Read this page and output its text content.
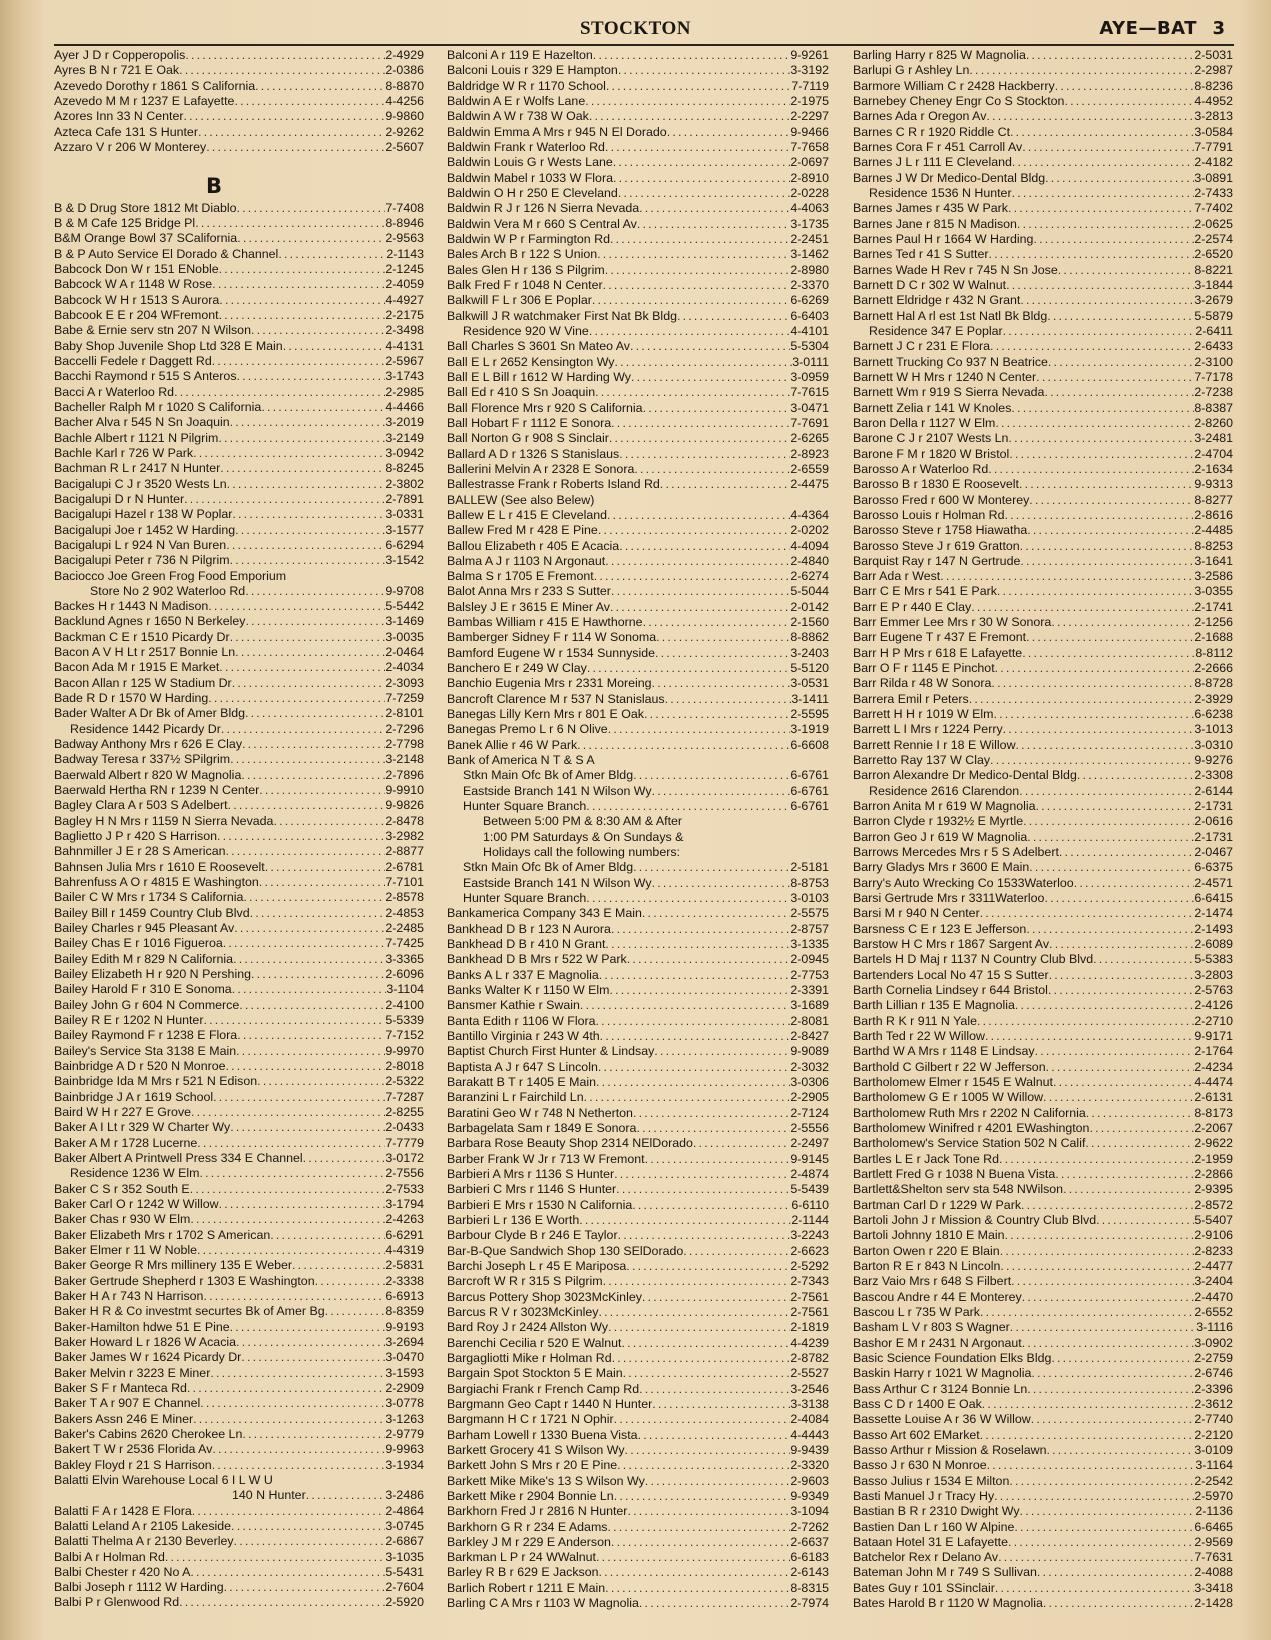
STOCKTON	AYE—BAT 3
Ayer J D r Copperopolis .....	2-4929
Ayres B N r 721 E Oak .....	2-0386
Azevedo Dorothy r 1861 S California .....	8-8870
Azevedo M M r 1237 E Lafayette .....	4-4256
Azores Inn 33 N Center .....	9-9860
Azteca Cafe 131 S Hunter .....	2-9262
Azzaro V r 206 W Monterey .....	2-5607
B
B & D Drug Store 1812 Mt Diablo .....	7-7408
B & M Cafe 125 Bridge Pl .....	8-8946
B&M Orange Bowl 37 SCalifornia .....	2-9563
B & P Auto Service El Dorado & Channel .....	2-1143
Babcock Don W r 151 ENoble .....	2-1245
Babcock W A r 1148 W Rose .....	2-4059
Babcock W H r 1513 S Aurora .....	4-4927
Babcook E E r 204 WFremont .....	2-2175
Babe & Ernie serv stn 207 N Wilson .....	2-3498
Baby Shop Juvenile Shop Ltd 328 E Main .....	4-4131
Baccelli Fedele r Daggett Rd .....	2-5967
Bacchi Raymond r 515 S Anteros .....	3-1743
Bacci A r Waterloo Rd .....	2-2985
Bacheller Ralph M r 1020 S California .....	4-4466
Bacher Alva r 545 N Sn Joaquin .....	3-2019
Bachle Albert r 1121 N Pilgrim .....	3-2149
Bachle Karl r 726 W Park .....	3-0942
Bachman R L r 2417 N Hunter .....	8-8245
Bacigalupi C J r 3520 Wests Ln .....	2-3802
Bacigalupi D r N Hunter .....	2-7891
Bacigalupi Hazel r 138 W Poplar .....	3-0331
Bacigalupi Joe r 1452 W Harding .....	3-1577
Bacigalupi L r 924 N Van Buren .....	6-6294
Bacigalupi Peter r 736 N Pilgrim .....	3-1542
Baciocco Joe Green Frog Food Emporium
Store No 2 902 Waterloo Rd .....	9-9708
Backes H r 1443 N Madison .....	5-5442
Backlund Agnes r 1650 N Berkeley .....	3-1469
Backman C E r 1510 Picardy Dr .....	3-0035
Bacon A V H Lt r 2517 Bonnie Ln .....	2-0464
Bacon Ada M r 1915 E Market .....	2-4034
Bacon Allan r 125 W Stadium Dr .....	2-3093
Bade R D r 1570 W Harding .....	7-7259
Bader Walter A Dr Bk of Amer Bldg .....	2-8101
Residence 1442 Picardy Dr .....	2-7296
Badway Anthony Mrs r 626 E Clay .....	2-7798
Badway Teresa r 337½ SPilgrim .....	3-2148
Baerwald Albert r 820 W Magnolia .....	2-7896
Baerwald Hertha RN r 1239 N Center .....	9-9910
Bagley Clara A r 503 S Adelbert .....	9-9826
Bagley H N Mrs r 1159 N Sierra Nevada .....	2-8478
Baglietto J P r 420 S Harrison .....	3-2982
Bahnmiller J E r 28 S American .....	2-8877
Bahnsen Julia Mrs r 1610 E Roosevelt .....	2-6781
Bahrenfuss A O r 4815 E Washington .....	7-7101
Bailer C W Mrs r 1734 S California .....	2-8578
Bailey Bill r 1459 Country Club Blvd .....	2-4853
Bailey Charles r 945 Pleasant Av .....	2-2485
Bailey Chas E r 1016 Figueroa .....	7-7425
Bailey Edith M r 829 N California .....	3-3365
Bailey Elizabeth H r 920 N Pershing .....	2-6096
Bailey Harold F r 310 E Sonoma .....	3-1104
Bailey John G r 604 N Commerce .....	2-4100
Bailey R E r 1202 N Hunter .....	5-5339
Bailey Raymond F r 1238 E Flora .....	7-7152
Bailey's Service Sta 3138 E Main .....	9-9970
Bainbridge A D r 520 N Monroe .....	2-8018
Bainbridge Ida M Mrs r 521 N Edison .....	2-5322
Bainbridge J A r 1619 School .....	7-7287
Baird W H r 227 E Grove .....	2-8255
Baker A I Lt r 329 W Charter Wy .....	2-0433
Baker A M r 1728 Lucerne .....	7-7779
Baker Albert A Printwell Press 334 E Channel .....	3-0172
Residence 1236 W Elm .....	2-7556
Baker C S r 352 South E .....	2-7533
Baker Carl O r 1242 W Willow .....	3-1794
Baker Chas r 930 W Elm .....	2-4263
Baker Elizabeth Mrs r 1702 S American .....	6-6291
Baker Elmer r 11 W Noble .....	4-4319
Baker George R Mrs millinery 135 E Weber .....	2-5831
Baker Gertrude Shepherd r 1303 E Washington .....	2-3338
Baker H A r 743 N Harrison .....	6-6913
Baker H R & Co investmt securtes Bk of Amer Bg .....	8-8359
Baker-Hamilton hdwe 51 E Pine .....	9-9193
Baker Howard L r 1826 W Acacia .....	3-2694
Baker James W r 1624 Picardy Dr .....	3-0470
Baker Melvin r 3223 E Miner .....	3-1593
Baker S F r Manteca Rd .....	2-2909
Baker T A r 907 E Channel .....	3-0778
Bakers Assn 246 E Miner .....	3-1263
Baker's Cabins 2620 Cherokee Ln .....	2-9779
Bakert T W r 2536 Florida Av .....	9-9963
Bakley Floyd r 21 S Harrison .....	3-1934
Balatti Elvin Warehouse Local 6 I L W U
140 N Hunter .....	3-2486
Balatti F A r 1428 E Flora .....	2-4864
Balatti Leland A r 2105 Lakeside .....	3-0745
Balatti Thelma A r 2130 Beverley .....	2-6867
Balbi A r Holman Rd .....	3-1035
Balbi Chester r 420 No A .....	5-5431
Balbi Joseph r 1112 W Harding .....	2-7604
Balbi P r Glenwood Rd .....	2-5920
Balconi A r 119 E Hazelton .....	9-9261
Balconi Louis r 329 E Hampton .....	3-3192
Baldridge W R r 1170 School .....	7-7119
Baldwin A E r Wolfs Lane .....	2-1975
Baldwin A W r 738 W Oak .....	2-2297
Baldwin Emma A Mrs r 945 N El Dorado .....	9-9466
Baldwin Frank r Waterloo Rd .....	7-7658
Baldwin Louis G r Wests Lane .....	2-0697
Baldwin Mabel r 1033 W Flora .....	2-8910
Baldwin O H r 250 E Cleveland .....	2-0228
Baldwin R J r 126 N Sierra Nevada .....	4-4063
Baldwin Vera M r 660 S Central Av .....	3-1735
Baldwin W P r Farmington Rd .....	2-2451
Bales Arch B r 122 S Union .....	3-1462
Bales Glen H r 136 S Pilgrim .....	2-8980
Balk Fred F r 1048 N Center .....	2-3370
Balkwill F L r 306 E Poplar .....	6-6269
Balkwill J R watchmaker First Nat Bk Bldg .....	6-6403
Residence 920 W Vine .....	4-4101
Ball Charles S 3601 Sn Mateo Av .....	5-5304
Ball E L r 2652 Kensington Wy .....	3-0111
Ball E L Bill r 1612 W Harding Wy .....	3-0959
Ball Ed r 410 S Sn Joaquin .....	7-7615
Ball Florence Mrs r 920 S California .....	3-0471
Ball Hobart F r 1112 E Sonora .....	7-7691
Ball Norton G r 908 S Sinclair .....	2-6265
Ballard A D r 1326 S Stanislaus .....	2-8923
Ballerini Melvin A r 2328 E Sonora .....	2-6559
Ballestrasse Frank r Roberts Island Rd .....	2-4475
BALLEW (See also Belew)
Ballew E L r 415 E Cleveland .....	4-4364
Ballew Fred M r 428 E Pine .....	2-0202
Ballou Elizabeth r 405 E Acacia .....	4-4094
Balma A J r 1103 N Argonaut .....	2-4840
Balma S r 1705 E Fremont .....	2-6274
Balot Anna Mrs r 233 S Sutter .....	5-5044
Balsley J E r 3615 E Miner Av .....	2-0142
Bambas William r 415 E Hawthorne .....	2-1560
Bamberger Sidney F r 114 W Sonoma .....	8-8862
Bamford Eugene W r 1534 Sunnyside .....	3-2403
Banchero E r 249 W Clay .....	5-5120
Banchio Eugenia Mrs r 2331 Moreing .....	3-0531
Bancroft Clarence M r 537 N Stanislaus .....	3-1411
Banegas Lilly Kern Mrs r 801 E Oak .....	2-5595
Banegas Premo L r 6 N Olive .....	3-1919
Banek Allie r 46 W Park .....	6-6608
Bank of America N T & S A
Stkn Main Ofc Bk of Amer Bldg .....	6-6761
Eastside Branch 141 N Wilson Wy .....	6-6761
Hunter Square Branch .....	6-6761
Between 5:00 PM & 8:30 AM & After
1:00 PM Saturdays & On Sundays &
Holidays call the following numbers:
Stkn Main Ofc Bk of Amer Bldg .....	2-5181
Eastside Branch 141 N Wilson Wy .....	8-8753
Hunter Square Branch .....	3-0103
Bankamerica Company 343 E Main .....	2-5575
Bankhead D B r 123 N Aurora .....	2-8757
Bankhead D B r 410 N Grant .....	3-1335
Bankhead D B Mrs r 522 W Park .....	2-0945
Banks A L r 337 E Magnolia .....	2-7753
Banks Walter K r 1150 W Elm .....	2-3391
Bansmer Kathie r Swain .....	3-1689
Banta Edith r 1106 W Flora .....	2-8081
Bantillo Virginia r 243 W 4th .....	2-8427
Baptist Church First Hunter & Lindsay .....	9-9089
Baptista A J r 647 S Lincoln .....	2-3032
Barakatt B T r 1405 E Main .....	3-0306
Baranzini L r Fairchild Ln .....	2-2905
Baratini Geo W r 748 N Netherton .....	2-7124
Barbagelata Sam r 1849 E Sonora .....	2-5556
Barbara Rose Beauty Shop 2314 NElDorado .....	2-2497
Barber Frank W Jr r 713 W Fremont .....	9-9145
Barbieri A Mrs r 1136 S Hunter .....	2-4874
Barbieri C Mrs r 1146 S Hunter .....	5-5439
Barbieri E Mrs r 1530 N California .....	6-6110
Barbieri L r 136 E Worth .....	2-1144
Barbour Clyde B r 246 E Taylor .....	3-2243
Bar-B-Que Sandwich Shop 130 SElDorado .....	2-6623
Barchi Joseph L r 45 E Mariposa .....	2-5292
Barcroft W R r 315 S Pilgrim .....	2-7343
Barcus Pottery Shop 3023McKinley .....	2-7561
Barcus R V r 3023McKinley .....	2-7561
Bard Roy J r 2424 Allston Wy .....	2-1819
Barenchi Cecilia r 520 E Walnut .....	4-4239
Bargagliotti Mike r Holman Rd .....	2-8782
Bargain Spot Stockton 5 E Main .....	2-5527
Bargiachi Frank r French Camp Rd .....	3-2546
Bargmann Geo Capt r 1440 N Hunter .....	3-3138
Bargmann H C r 1721 N Ophir .....	2-4084
Barham Lowell r 1330 Buena Vista .....	4-4443
Barkett Grocery 41 S Wilson Wy .....	9-9439
Barkett John S Mrs r 20 E Pine .....	2-3320
Barkett Mike Mike's 13 S Wilson Wy .....	2-9603
Barkett Mike r 2904 Bonnie Ln .....	9-9349
Barkhorn Fred J r 2816 N Hunter .....	3-1094
Barkhorn G R r 234 E Adams .....	2-7262
Barkley J M r 229 E Anderson .....	2-6637
Barkman L P r 24 WWalnut .....	6-6183
Barley R B r 629 E Jackson .....	2-6143
Barlich Robert r 1211 E Main .....	8-8315
Barling C A Mrs r 1103 W Magnolia .....	2-7974
Barling Harry r 825 W Magnolia .....	2-5031
Barlupi G r Ashley Ln .....	2-2987
Barmore William C r 2428 Hackberry .....	8-8236
Barnebey Cheney Engr Co S Stockton .....	4-4952
Barnes Ada r Oregon Av .....	3-2813
Barnes C R r 1920 Riddle Ct .....	3-0584
Barnes Cora F r 451 Carroll Av .....	7-7791
Barnes J L r 111 E Cleveland .....	2-4182
Barnes J W Dr Medico-Dental Bldg .....	3-0891
Residence 1536 N Hunter .....	2-7433
Barnes James r 435 W Park .....	7-7402
Barnes Jane r 815 N Madison .....	2-0625
Barnes Paul H r 1664 W Harding .....	2-2574
Barnes Ted r 41 S Sutter .....	2-6520
Barnes Wade H Rev r 745 N Sn Jose .....	8-8221
Barnett D C r 302 W Walnut .....	3-1844
Barnett Eldridge r 432 N Grant .....	3-2679
Barnett Hal A rl est 1st Natl Bk Bldg .....	5-5879
Residence 347 E Poplar .....	2-6411
Barnett J C r 231 E Flora .....	2-6433
Barnett Trucking Co 937 N Beatrice .....	2-3100
Barnett W H Mrs r 1240 N Center .....	7-7178
Barnett Wm r 919 S Sierra Nevada .....	2-7238
Barnett Zelia r 141 W Knoles .....	8-8387
Baron Della r 1127 W Elm .....	2-8260
Barone C J r 2107 Wests Ln .....	3-2481
Barone F M r 1820 W Bristol .....	2-4704
Barosso A r Waterloo Rd .....	2-1634
Barosso B r 1830 E Roosevelt .....	9-9313
Barosso Fred r 600 W Monterey .....	8-8277
Barosso Louis r Holman Rd .....	2-8616
Barosso Steve r 1758 Hiawatha .....	2-4485
Barosso Steve J r 619 Gratton .....	8-8253
Barquist Ray r 147 N Gertrude .....	3-1641
Barr Ada r West .....	3-2586
Barr C E Mrs r 541 E Park .....	3-0355
Barr E P r 440 E Clay .....	2-1741
Barr Emmer Lee Mrs r 30 W Sonora .....	2-1256
Barr Eugene T r 437 E Fremont .....	2-1688
Barr H P Mrs r 618 E Lafayette .....	8-8112
Barr O F r 1145 E Pinchot .....	2-2666
Barr Rilda r 48 W Sonora .....	8-8728
Barrera Emil r Peters .....	2-3929
Barrett H H r 1019 W Elm .....	6-6238
Barrett L I Mrs r 1224 Perry .....	3-1013
Barrett Rennie I r 18 E Willow .....	3-0310
Barretto Ray 137 W Clay .....	9-9276
Barron Alexandre Dr Medico-Dental Bldg .....	2-3308
Residence 2616 Clarendon .....	2-6144
Barron Anita M r 619 W Magnolia .....	2-1731
Barron Clyde r 1932½ E Myrtle .....	2-0616
Barron Geo J r 619 W Magnolia .....	2-1731
Barrows Mercedes Mrs r 5 S Adelbert .....	2-0467
Barry Gladys Mrs r 3600 E Main .....	6-6375
Barry's Auto Wrecking Co 1533Waterloo .....	2-4571
Barsi Gertrude Mrs r 3311Waterloo .....	6-6415
Barsi M r 940 N Center .....	2-1474
Barsness C E r 123 E Jefferson .....	2-1493
Barstow H C Mrs r 1867 Sargent Av .....	2-6089
Bartels H D Maj r 1137 N Country Club Blvd .....	5-5383
Bartenders Local No 47 15 S Sutter .....	3-2803
Barth Cornelia Lindsey r 644 Bristol .....	2-5763
Barth Lillian r 135 E Magnolia .....	2-4126
Barth R K r 911 N Yale .....	2-2710
Barth Ted r 22 W Willow .....	9-9171
Barthd W A Mrs r 1148 E Lindsay .....	2-1764
Barthold C Gilbert r 22 W Jefferson .....	2-4234
Bartholomew Elmer r 1545 E Walnut .....	4-4474
Bartholomew G E r 1005 W Willow .....	2-6131
Bartholomew Ruth Mrs r 2202 N California .....	8-8173
Bartholomew Winifred r 4201 EWashington .....	2-2067
Bartholomew's Service Station 502 N Calif .....	2-9622
Bartles L E r Jack Tone Rd .....	2-1959
Bartlett Fred G r 1038 N Buena Vista .....	2-2866
Bartlett&Shelton serv sta 548 NWilson .....	2-9395
Bartman Carl D r 1229 W Park .....	2-8572
Bartoli John J r Mission & Country Club Blvd .....	5-5407
Bartoli Johnny 1810 E Main .....	2-9106
Barton Owen r 220 E Blain .....	2-8233
Barton R E r 843 N Lincoln .....	2-4477
Barz Vaio Mrs r 648 S Filbert .....	3-2404
Bascou Andre r 44 E Monterey .....	2-4470
Bascou L r 735 W Park .....	2-6552
Basham L V r 803 S Wagner .....	3-1116
Bashor E M r 2431 N Argonaut .....	3-0902
Basic Science Foundation Elks Bldg .....	2-2759
Baskin Harry r 1021 W Magnolia .....	2-6746
Bass Arthur C r 3124 Bonnie Ln .....	2-3396
Bass C D r 1400 E Oak .....	2-3612
Bassette Louise A r 36 W Willow .....	2-7740
Basso Art 602 EMarket .....	2-2120
Basso Arthur r Mission & Roselawn .....	3-0109
Basso J r 630 N Monroe .....	3-1164
Basso Julius r 1534 E Milton .....	2-2542
Basti Manuel J r Tracy Hy .....	2-5970
Bastian B R r 2310 Dwight Wy .....	2-1136
Bastien Dan L r 160 W Alpine .....	6-6465
Bataan Hotel 31 E Lafayette .....	2-9569
Batchelor Rex r Delano Av .....	7-7631
Bateman John M r 749 S Sullivan .....	2-4088
Bates Guy r 101 SSinclair .....	3-3418
Bates Harold B r 1120 W Magnolia .....	2-1428
